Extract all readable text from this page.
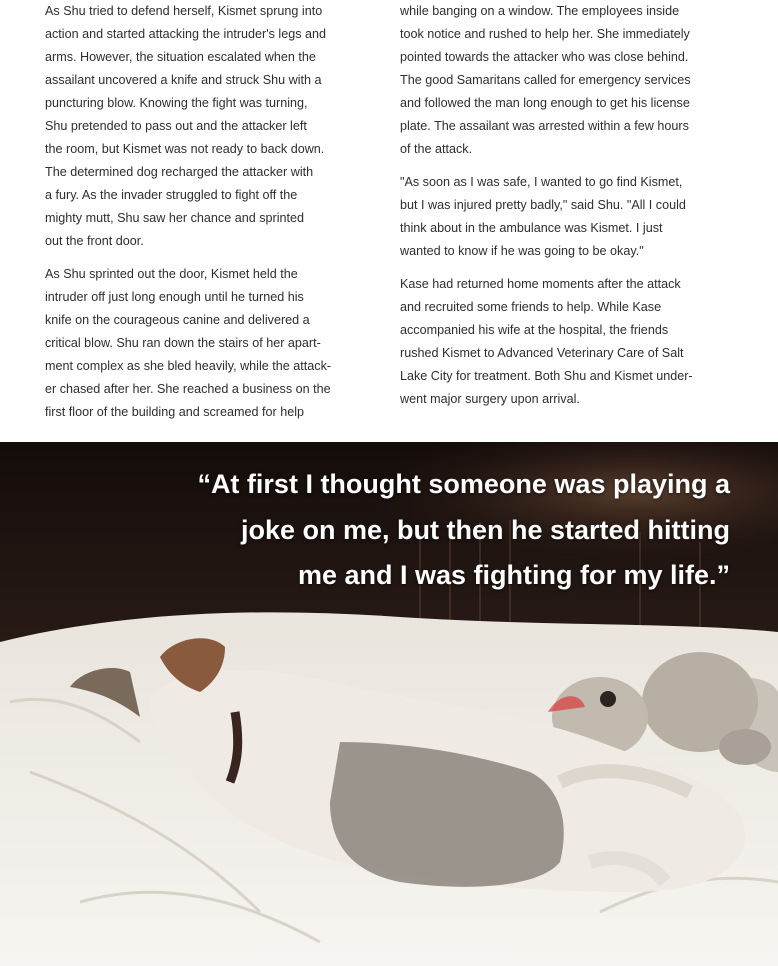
As Shu tried to defend herself, Kismet sprung into
action and started attacking the intruder's legs and
arms. However, the situation escalated when the
assailant uncovered a knife and struck Shu with a
puncturing blow. Knowing the fight was turning,
Shu pretended to pass out and the attacker left
the room, but Kismet was not ready to back down.
The determined dog recharged the attacker with
a fury. As the invader struggled to fight off the
mighty mutt, Shu saw her chance and sprinted
out the front door.

As Shu sprinted out the door, Kismet held the
intruder off just long enough until he turned his
knife on the courageous canine and delivered a
critical blow. Shu ran down the stairs of her apart-
ment complex as she bled heavily, while the attack-
er chased after her. She reached a business on the
first floor of the building and screamed for help

while banging on a window. The employees inside
took notice and rushed to help her. She immediately
pointed towards the attacker who was close behind.
The good Samaritans called for emergency services
and followed the man long enough to get his license
plate. The assailant was arrested within a few hours
of the attack.

"As soon as I was safe, I wanted to go find Kismet,
but I was injured pretty badly," said Shu. "All I could
think about in the ambulance was Kismet. I just
wanted to know if he was going to be okay."

Kase had returned home moments after the attack
and recruited some friends to help. While Kase
accompanied his wife at the hospital, the friends
rushed Kismet to Advanced Veterinary Care of Salt
Lake City for treatment. Both Shu and Kismet under-
went major surgery upon arrival.

“At first I thought someone was playing a
joke on me, but then he started hitting
me and I was fighting for my life.”
